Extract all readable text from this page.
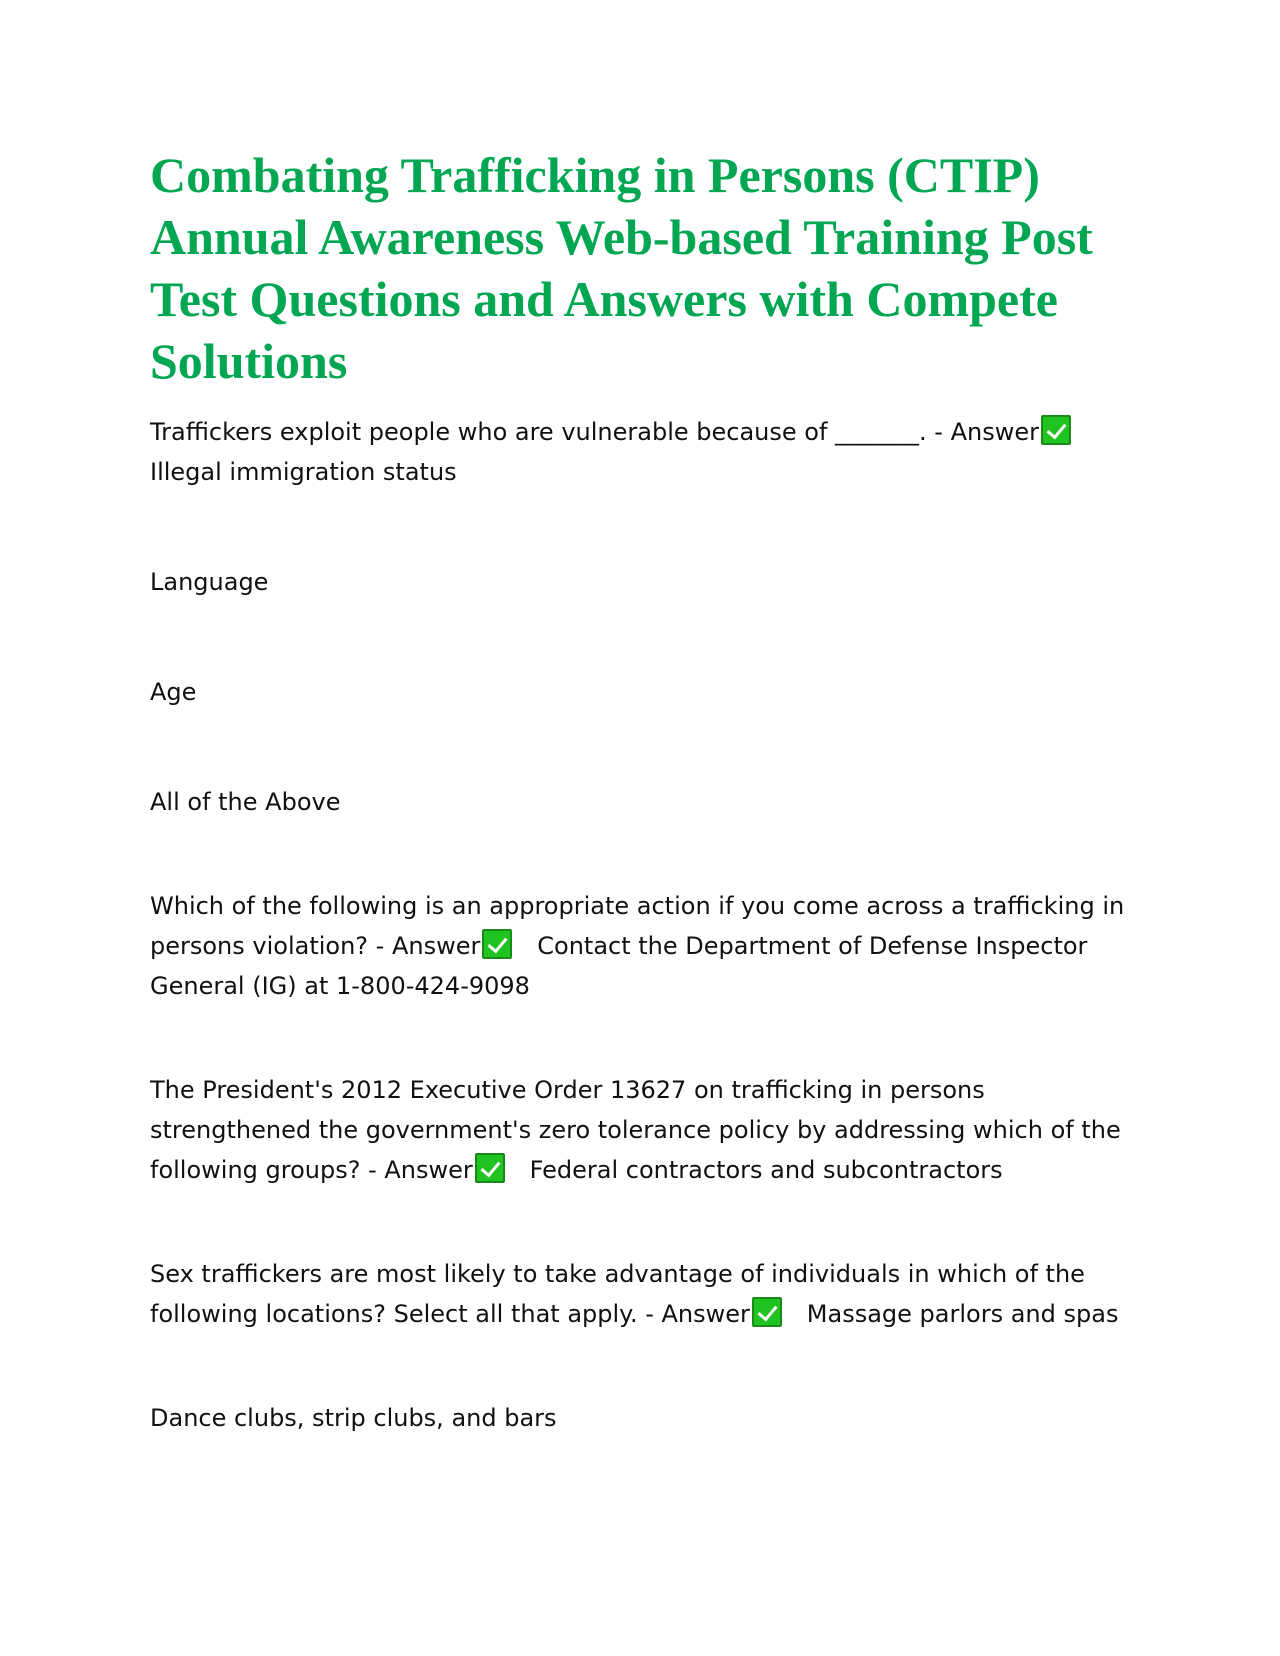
Combating Trafficking in Persons (CTIP) Annual Awareness Web-based Training Post Test Questions and Answers with Compete Solutions

Traffickers exploit people who are vulnerable because of _______. - Answer
Illegal immigration status

Language

Age

All of the Above

Which of the following is an appropriate action if you come across a trafficking in persons violation? - Answer Contact the Department of Defense Inspector General (IG) at 1-800-424-9098

The President's 2012 Executive Order 13627 on trafficking in persons strengthened the government's zero tolerance policy by addressing which of the following groups? - Answer Federal contractors and subcontractors

Sex traffickers are most likely to take advantage of individuals in which of the following locations? Select all that apply. - Answer Massage parlors and spas

Dance clubs, strip clubs, and bars
